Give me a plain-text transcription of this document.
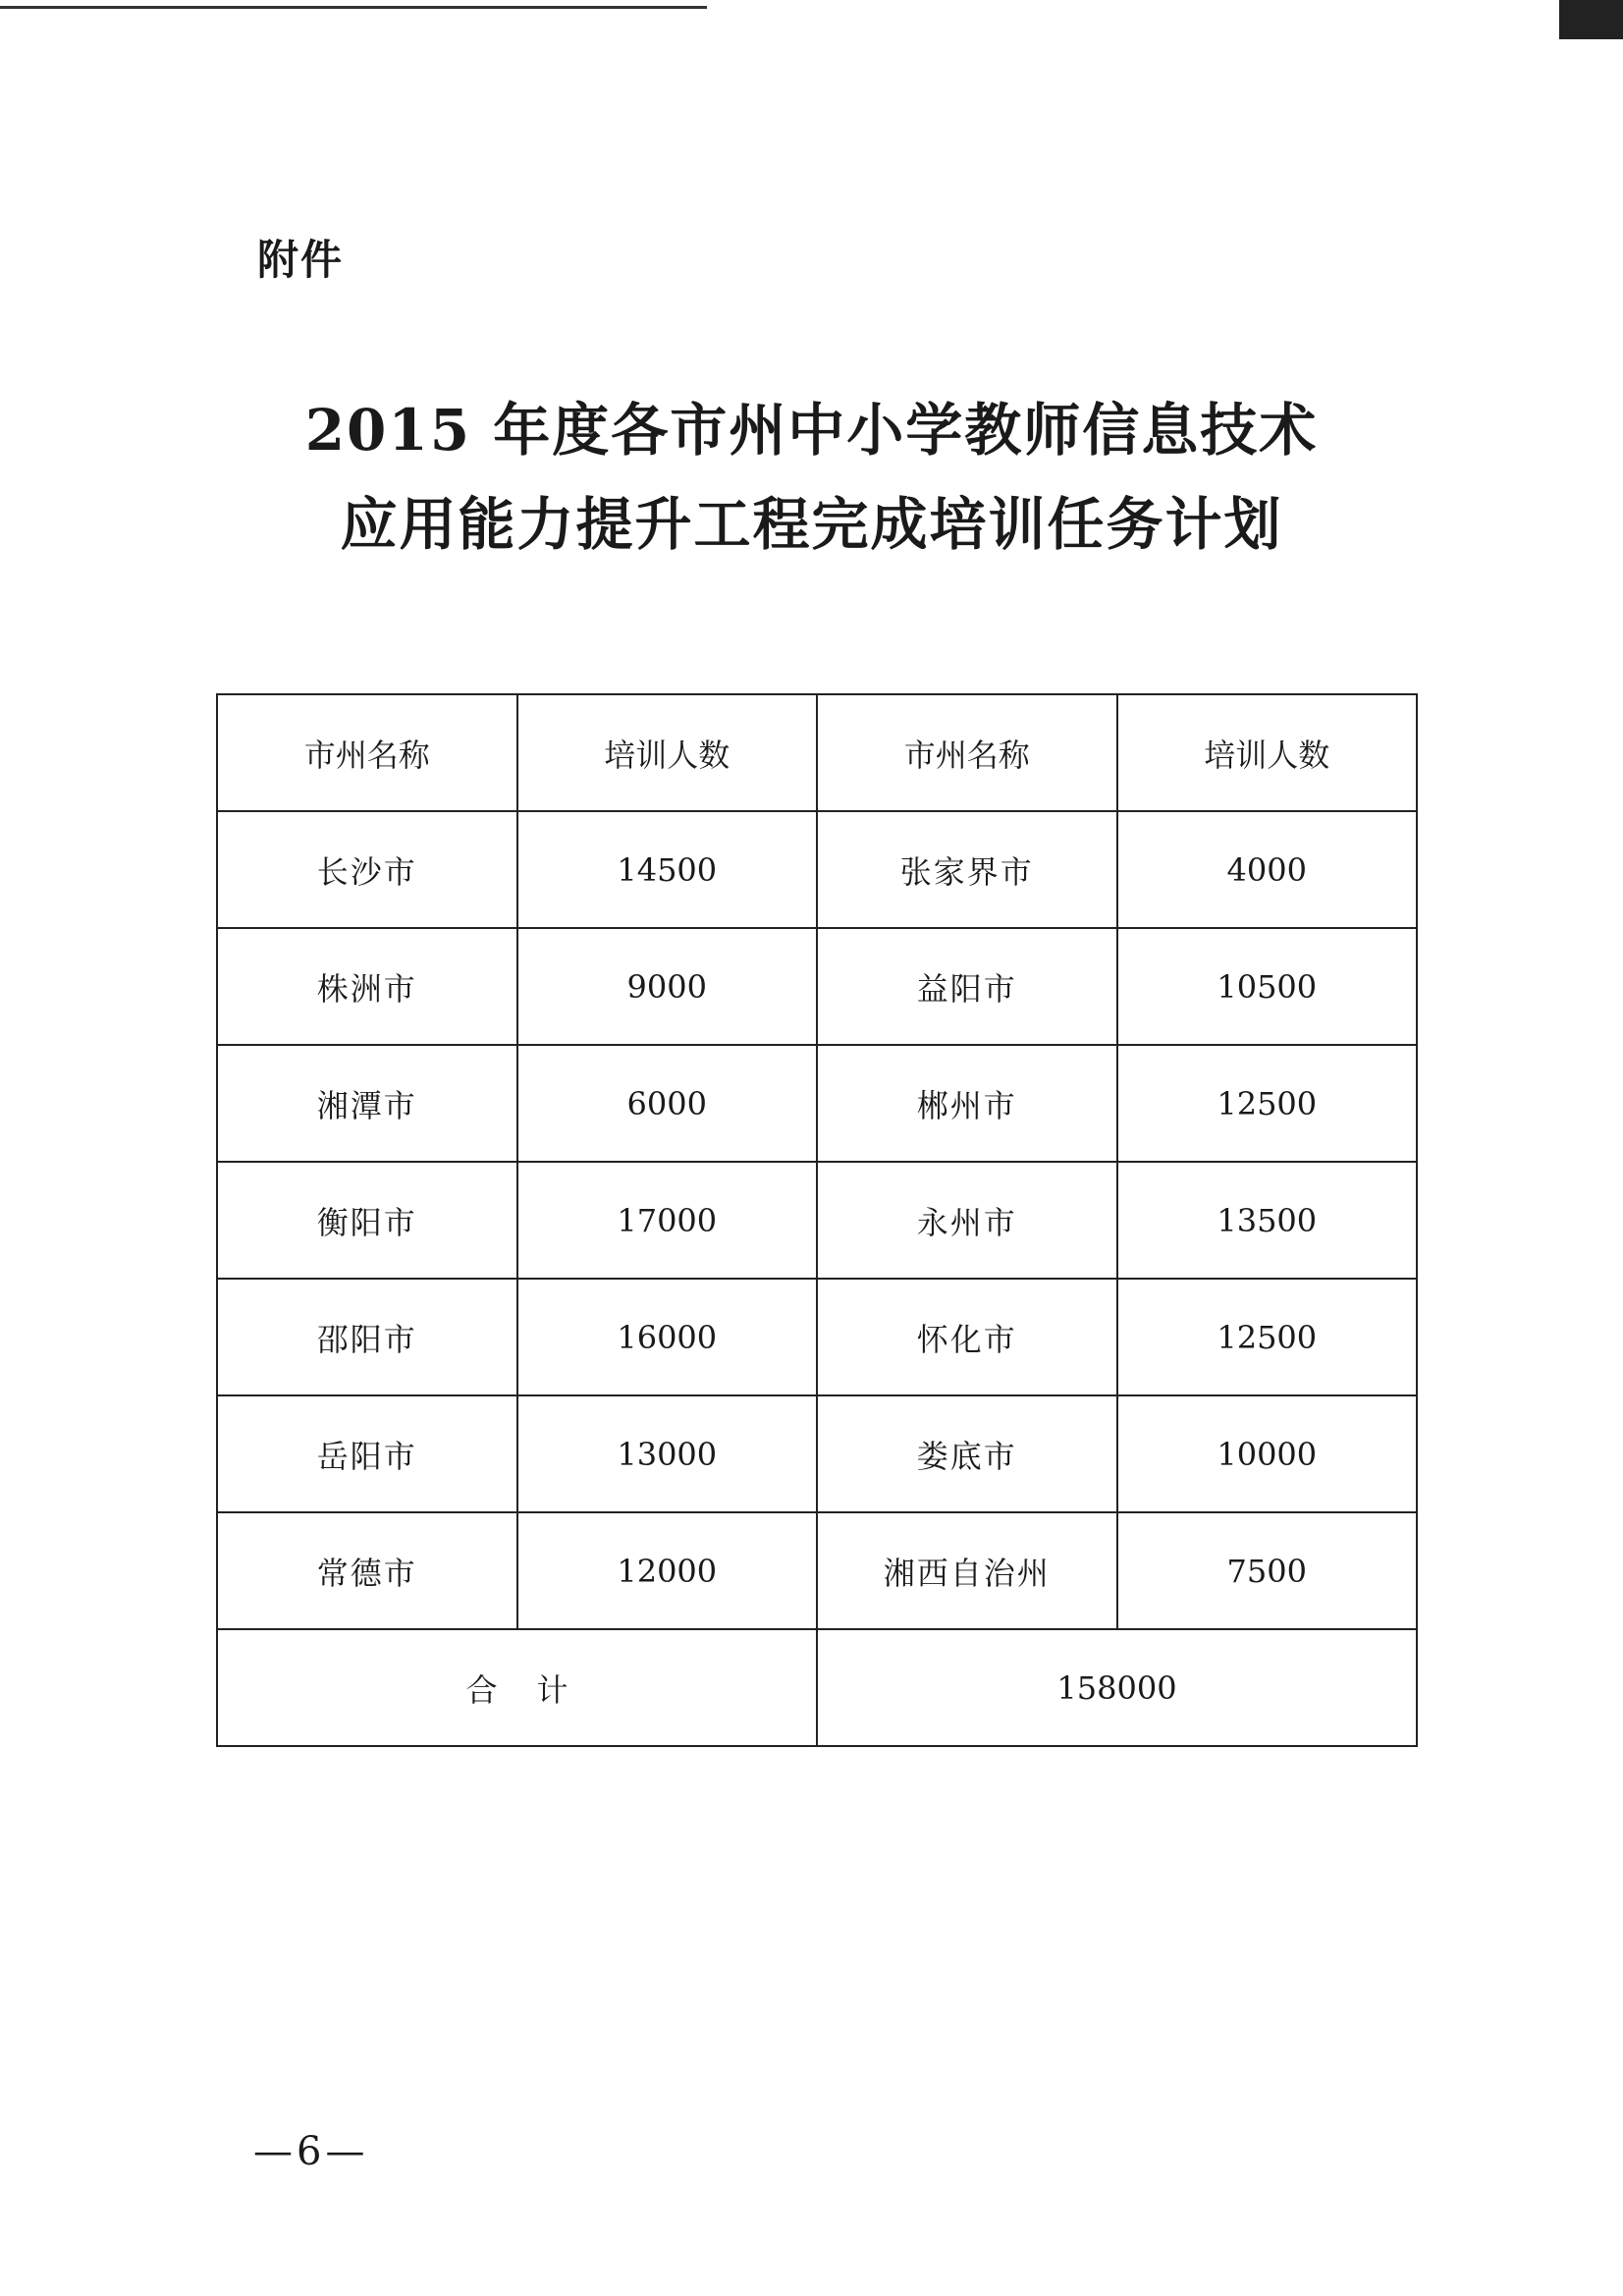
附件

2015 年度各市州中小学教师信息技术
应用能力提升工程完成培训任务计划
市州名称	培训人数	市州名称	培训人数
长沙市	14500	张家界市	4000
株洲市	9000	益阳市	10500
湘潭市	6000	郴州市	12500
衡阳市	17000	永州市	13500
邵阳市	16000	怀化市	12500
岳阳市	13000	娄底市	10000
常德市	12000	湘西自治州	7500
合计		158000	

—6—
